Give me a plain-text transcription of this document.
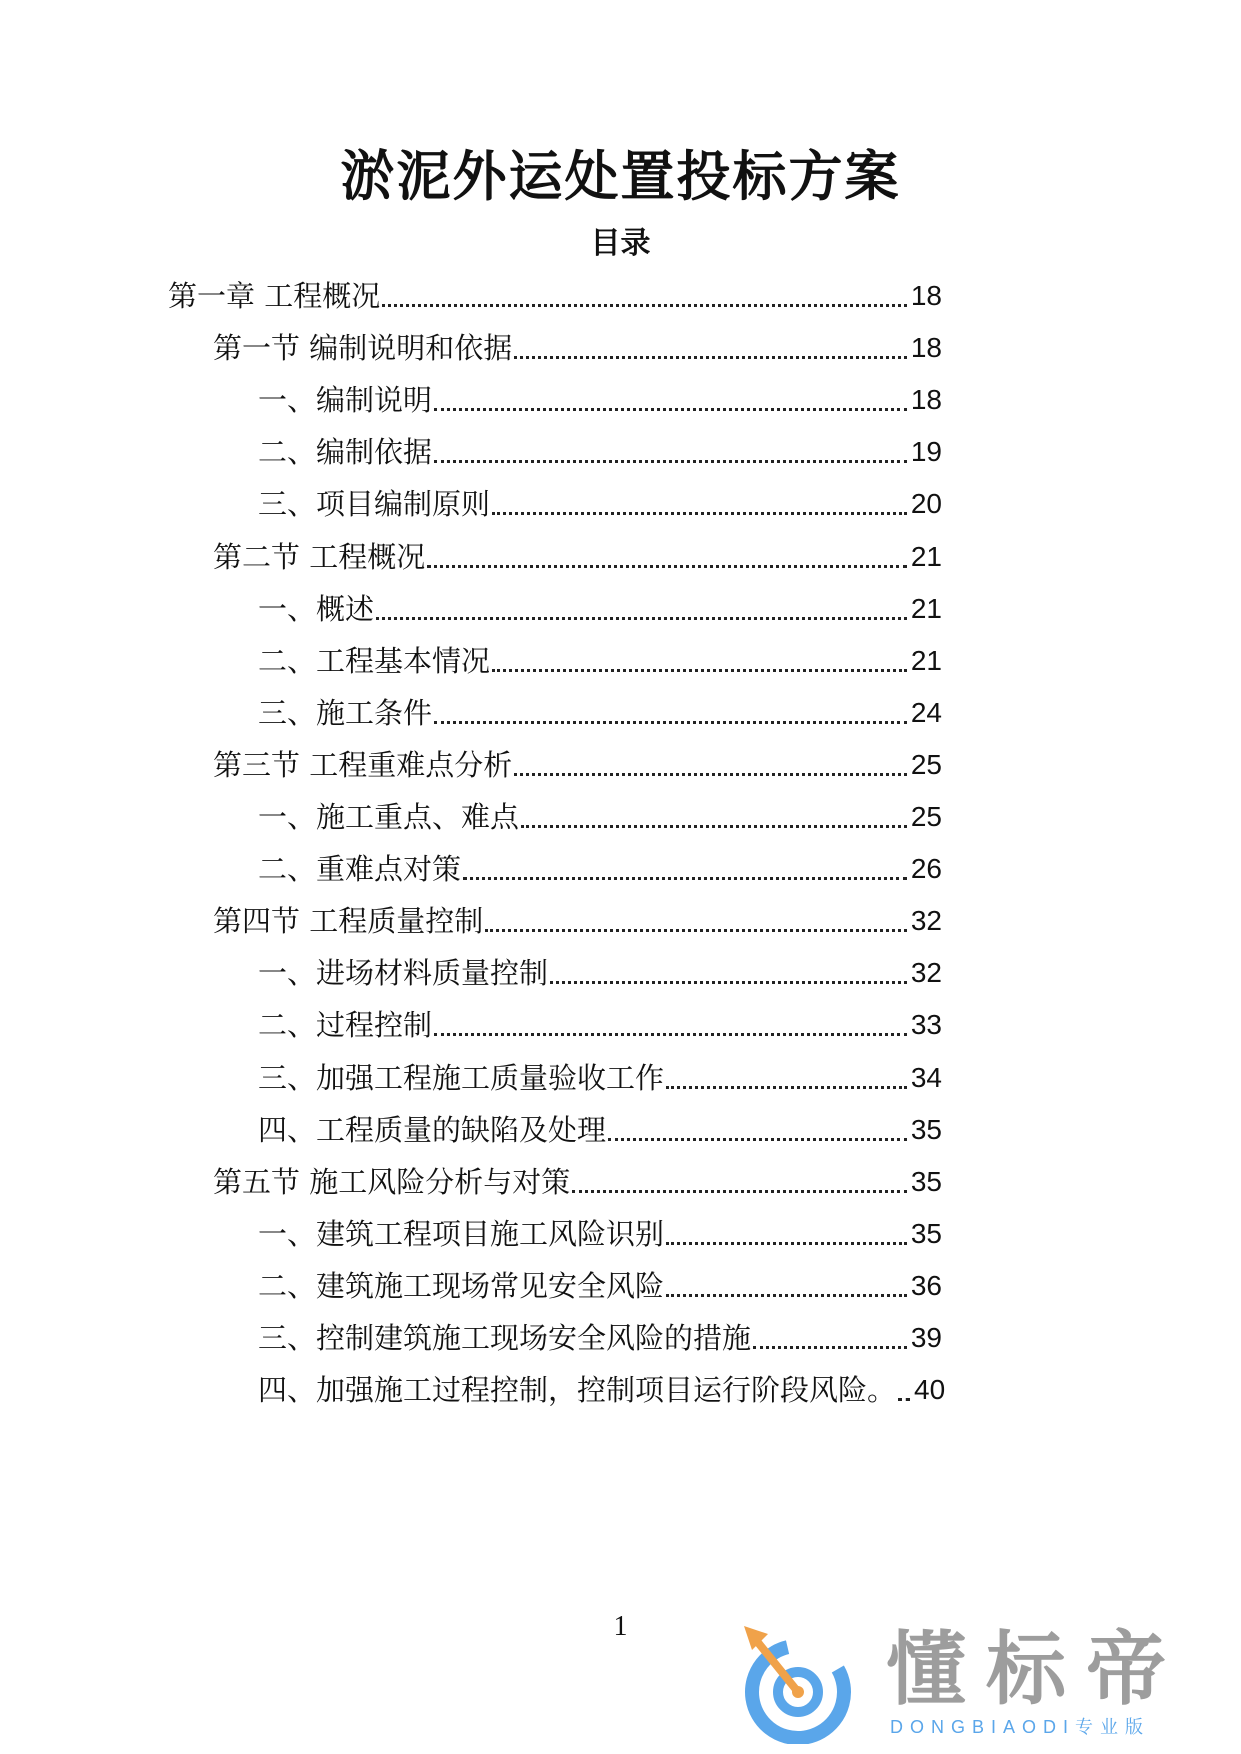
淤泥外运处置投标方案
目录
第一章 工程概况	18
第一节 编制说明和依据	18
一、编制说明	18
二、编制依据	19
三、项目编制原则	20
第二节 工程概况	21
一、概述	21
二、工程基本情况	21
三、施工条件	24
第三节 工程重难点分析	25
一、施工重点、难点	25
二、重难点对策	26
第四节 工程质量控制	32
一、进场材料质量控制	32
二、过程控制	33
三、加强工程施工质量验收工作	34
四、工程质量的缺陷及处理	35
第五节 施工风险分析与对策	35
一、建筑工程项目施工风险识别	35
二、建筑施工现场常见安全风险	36
三、控制建筑施工现场安全风险的措施	39
四、加强施工过程控制，控制项目运行阶段风险。 40
1	懂标帝
DONGBIAODI专业版
